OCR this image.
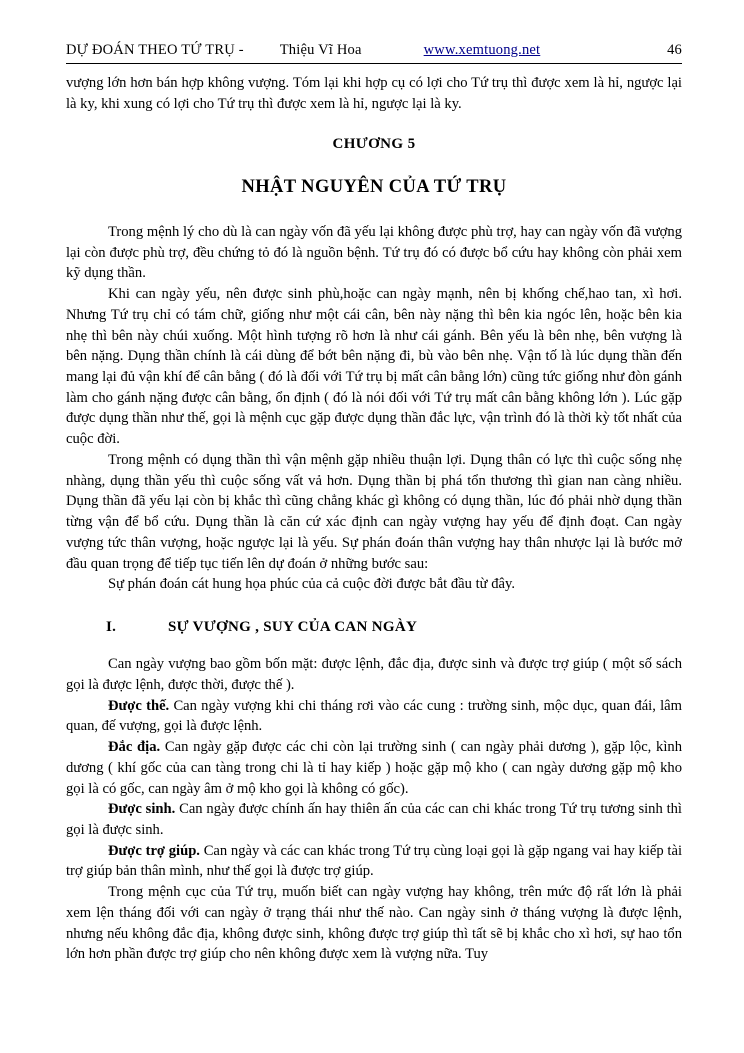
DỰ ĐOÁN THEO TỨ TRỤ - Thiệu Vĩ Hoa	www.xemtuong.net	46

vượng lớn hơn bán hợp không vượng. Tóm lại khi hợp cụ có lợi cho Tứ trụ thì được xem là hỉ, ngược lại là ky, khi xung có lợi cho Tứ trụ thì được xem là hỉ, ngược lại là ky.

CHƯƠNG 5

NHẬT NGUYÊN CỦA TỨ TRỤ

Trong mệnh lý cho dù là can ngày vốn đã yếu lại không được phù trợ, hay can ngày vốn đã vượng lại còn được phù trợ, đều chứng tỏ đó là nguồn bệnh. Tứ trụ đó có được bổ cứu hay không còn phải xem kỹ dụng thần.

Khi can ngày yếu, nên được sinh phù,hoặc can ngày mạnh, nên bị khống chế,hao tan, xì hơi. Nhưng Tứ trụ chỉ có tám chữ, giống như một cái cân, bên này nặng thì bên kia ngóc lên, hoặc bên kia nhẹ thì bên này chúi xuống. Một hình tượng rõ hơn là như cái gánh. Bên yếu là bên nhẹ, bên vượng là bên nặng. Dụng thần chính là cái dùng để bớt bên nặng đi, bù vào bên nhẹ. Vận tố là lúc dụng thần đến mang lại đủ vận khí để cân bằng ( đó là đối với Tứ trụ bị mất cân bằng lớn) cũng tức giống như đòn gánh làm cho gánh nặng được cân bằng, ổn định ( đó là nói đối với Tứ trụ mất cân bằng không lớn ). Lúc gặp được dụng thần như thế, gọi là mệnh cục gặp được dụng thần đắc lực, vận trình đó là thời kỳ tốt nhất của cuộc đời.

Trong mệnh có dụng thần thì vận mệnh gặp nhiều thuận lợi. Dụng thân có lực thì cuộc sống nhẹ nhàng, dụng thần yếu thì cuộc sống vất vả hơn. Dụng thần bị phá tổn thương thì gian nan càng nhiều. Dụng thần đã yếu lại còn bị khắc thì cũng chẳng khác gì không có dụng thần, lúc đó phải nhờ dụng thần từng vận để bổ cứu. Dụng thần là căn cứ xác định can ngày vượng hay yếu để định đoạt. Can ngày vượng tức thân vượng, hoặc ngược lại là yếu. Sự phán đoán thân vượng hay thân nhược lại là bước mở đầu quan trọng để tiếp tục tiến lên dự đoán ở những bước sau:

Sự phán đoán cát hung họa phúc của cả cuộc đời được bắt đầu từ đây.

I.	SỰ VƯỢNG , SUY CỦA CAN NGÀY

Can ngày vượng bao gồm bốn mặt: được lệnh, đắc địa, được sinh và được trợ giúp ( một số sách gọi là được lệnh, được thời, được thế ).

Được thế. Can ngày vượng khi chi tháng rơi vào các cung : trường sinh, mộc dục, quan đái, lâm quan, đế vượng, gọi là được lệnh.

Đắc địa. Can ngày gặp được các chi còn lại trường sinh ( can ngày phải dương ), gặp lộc, kình dương ( khí gốc của can tàng trong chi là tỉ hay kiếp ) hoặc gặp mộ kho ( can ngày dương gặp mộ kho gọi là có gốc, can ngày âm ở mộ kho gọi là không có gốc).

Được sinh. Can ngày được chính ấn hay thiên ấn của các can chi khác trong Tứ trụ tương sinh thì gọi là được sinh.

Được trợ giúp. Can ngày và các can khác trong Tứ trụ cùng loại gọi là gặp ngang vai hay kiếp tài trợ giúp bản thân mình, như thế gọi là được trợ giúp.

Trong mệnh cục của Tứ trụ, muốn biết can ngày vượng hay không, trên mức độ rất lớn là phải xem lện tháng đối với can ngày ở trạng thái như thế nào. Can ngày sinh ở tháng vượng là được lệnh, nhưng nếu không đắc địa, không được sinh, không được trợ giúp thì tất sẽ bị khắc cho xì hơi, sự hao tổn lớn hơn phần được trợ giúp cho nên không được xem là vượng nữa. Tuy
